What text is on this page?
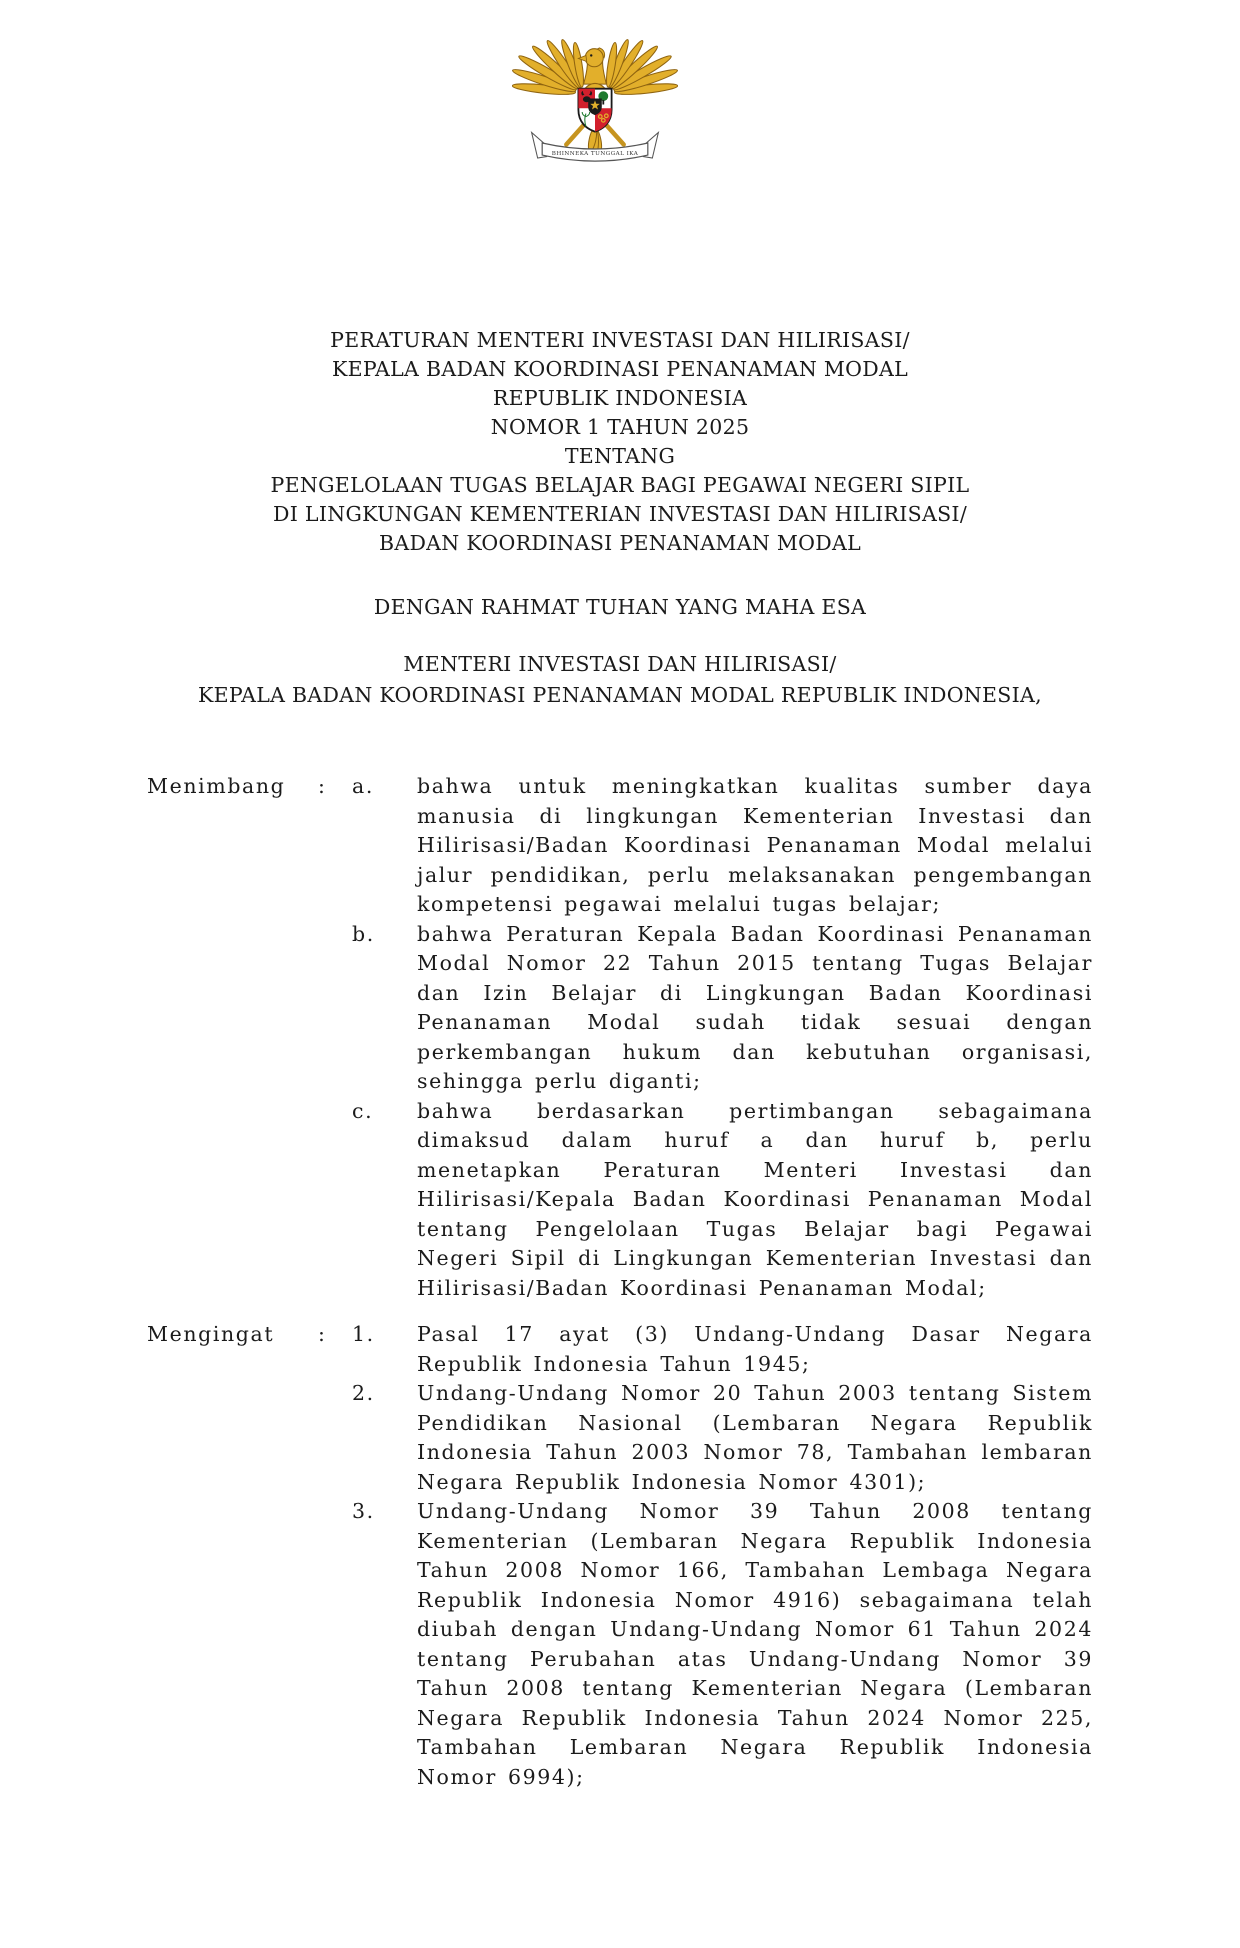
BHINNEKA TUNGGAL IKA
PERATURAN MENTERI INVESTASI DAN HILIRISASI/
KEPALA BADAN KOORDINASI PENANAMAN MODAL
REPUBLIK INDONESIA
NOMOR 1 TAHUN 2025
TENTANG
PENGELOLAAN TUGAS BELAJAR BAGI PEGAWAI NEGERI SIPIL
DI LINGKUNGAN KEMENTERIAN INVESTASI DAN HILIRISASI/
BADAN KOORDINASI PENANAMAN MODAL
DENGAN RAHMAT TUHAN YANG MAHA ESA
MENTERI INVESTASI DAN HILIRISASI/
KEPALA BADAN KOORDINASI PENANAMAN MODAL REPUBLIK INDONESIA,
Menimbang	:	a.	bahwa untuk meningkatkan kualitas sumber daya manusia di lingkungan Kementerian Investasi dan Hilirisasi/Badan Koordinasi Penanaman Modal melalui jalur pendidikan, perlu melaksanakan pengembangan kompetensi pegawai melalui tugas belajar;
b.	bahwa Peraturan Kepala Badan Koordinasi Penanaman Modal Nomor 22 Tahun 2015 tentang Tugas Belajar dan Izin Belajar di Lingkungan Badan Koordinasi Penanaman Modal sudah tidak sesuai dengan perkembangan hukum dan kebutuhan organisasi, sehingga perlu diganti;
c.	bahwa berdasarkan pertimbangan sebagaimana dimaksud dalam huruf a dan huruf b, perlu menetapkan Peraturan Menteri Investasi dan Hilirisasi/Kepala Badan Koordinasi Penanaman Modal tentang Pengelolaan Tugas Belajar bagi Pegawai Negeri Sipil di Lingkungan Kementerian Investasi dan Hilirisasi/Badan Koordinasi Penanaman Modal;
Mengingat	:	1.	Pasal 17 ayat (3) Undang-Undang Dasar Negara Republik Indonesia Tahun 1945;
2.	Undang-Undang Nomor 20 Tahun 2003 tentang Sistem Pendidikan Nasional (Lembaran Negara Republik Indonesia Tahun 2003 Nomor 78, Tambahan lembaran Negara Republik Indonesia Nomor 4301);
3.	Undang-Undang Nomor 39 Tahun 2008 tentang Kementerian (Lembaran Negara Republik Indonesia Tahun 2008 Nomor 166, Tambahan Lembaga Negara Republik Indonesia Nomor 4916) sebagaimana telah diubah dengan Undang-Undang Nomor 61 Tahun 2024 tentang Perubahan atas Undang-Undang Nomor 39 Tahun 2008 tentang Kementerian Negara (Lembaran Negara Republik Indonesia Tahun 2024 Nomor 225, Tambahan Lembaran Negara Republik Indonesia Nomor 6994);
